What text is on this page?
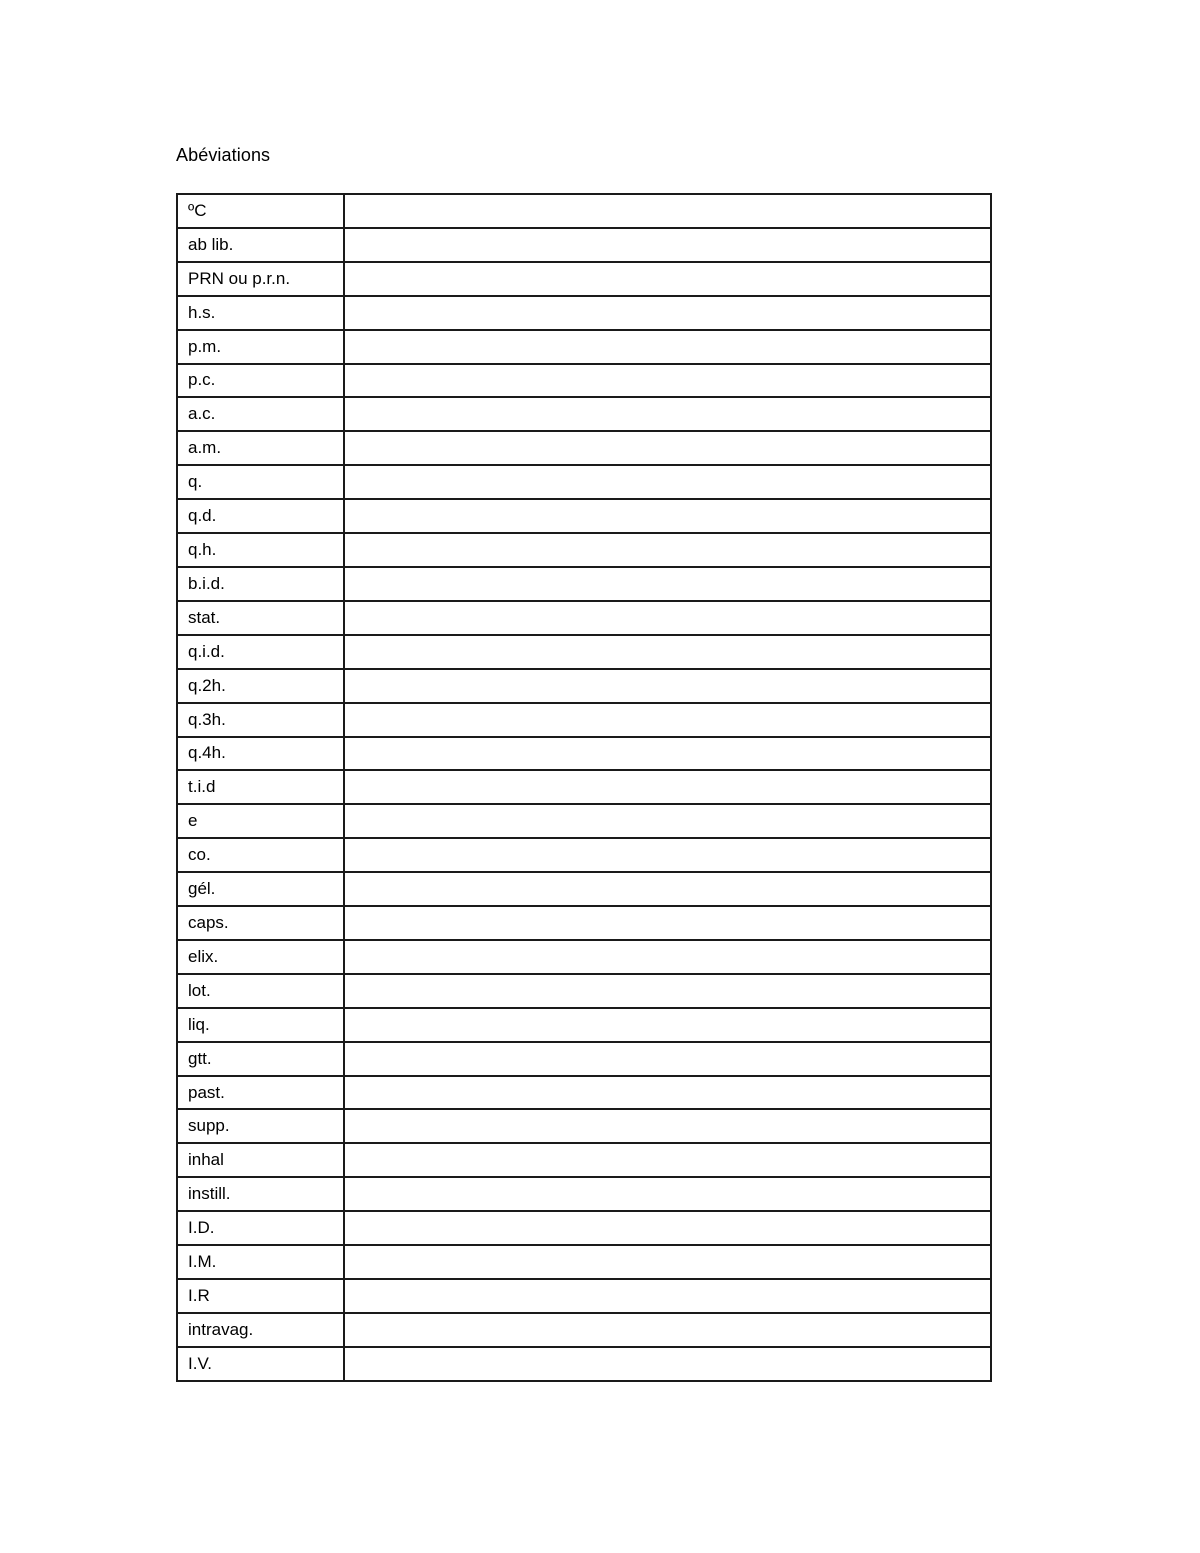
Abéviations
ºC	
ab lib.	
PRN ou p.r.n.	
h.s.	
p.m.	
p.c.	
a.c.	
a.m.	
q.	
q.d.	
q.h.	
b.i.d.	
stat.	
q.i.d.	
q.2h.	
q.3h.	
q.4h.	
t.i.d	
e	
co.	
gél.	
caps.	
elix.	
lot.	
liq.	
gtt.	
past.	
supp.	
inhal	
instill.	
I.D.	
I.M.	
I.R	
intravag.	
I.V.	
